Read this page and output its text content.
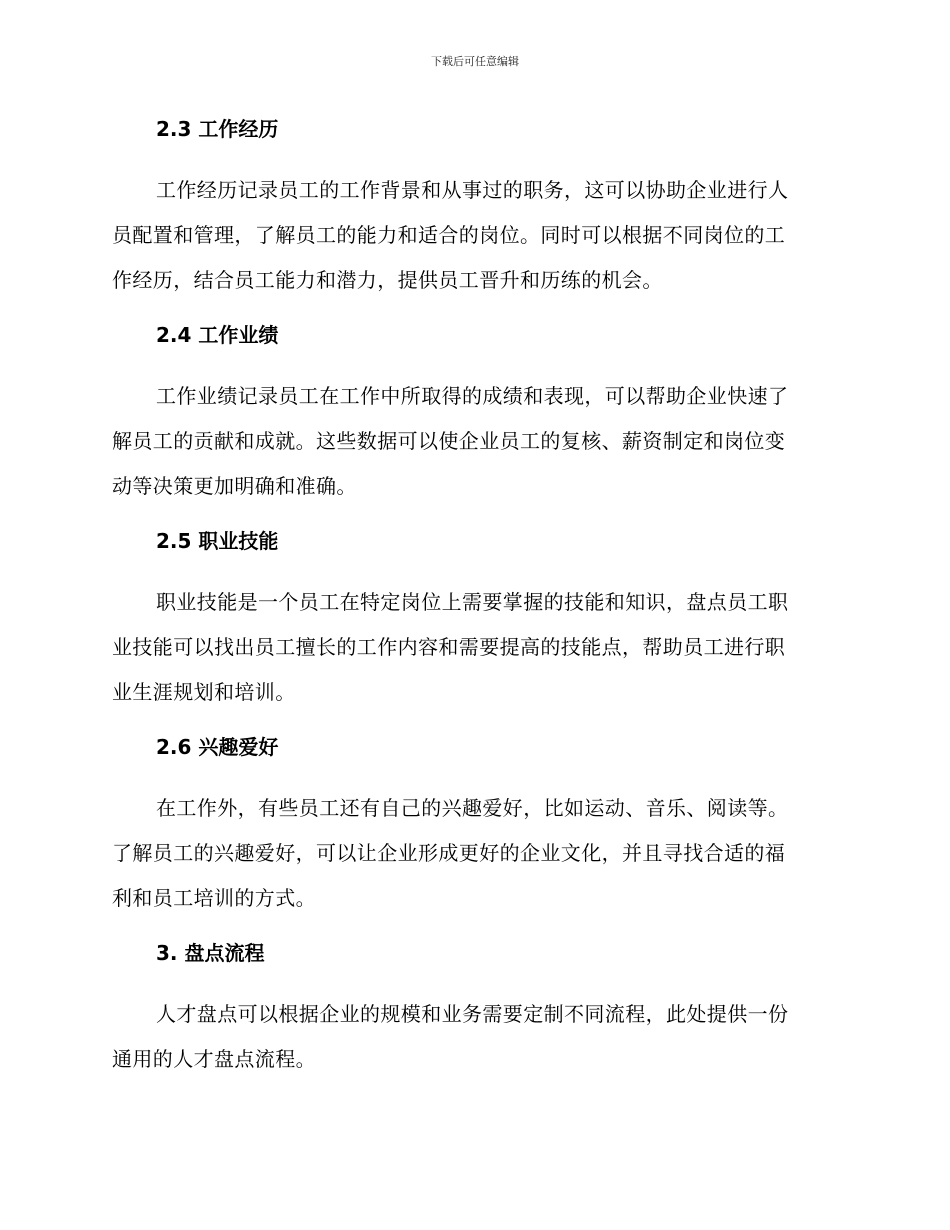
下载后可任意编辑
2.3 工作经历

工作经历记录员工的工作背景和从事过的职务，这可以协助企业进行人
员配置和管理，了解员工的能力和适合的岗位。同时可以根据不同岗位的工
作经历，结合员工能力和潜力，提供员工晋升和历练的机会。

2.4 工作业绩

工作业绩记录员工在工作中所取得的成绩和表现，可以帮助企业快速了
解员工的贡献和成就。这些数据可以使企业员工的复核、薪资制定和岗位变
动等决策更加明确和准确。

2.5 职业技能

职业技能是一个员工在特定岗位上需要掌握的技能和知识，盘点员工职
业技能可以找出员工擅长的工作内容和需要提高的技能点，帮助员工进行职
业生涯规划和培训。

2.6 兴趣爱好

在工作外，有些员工还有自己的兴趣爱好，比如运动、音乐、阅读等。
了解员工的兴趣爱好，可以让企业形成更好的企业文化，并且寻找合适的福
利和员工培训的方式。

3. 盘点流程

人才盘点可以根据企业的规模和业务需要定制不同流程，此处提供一份
通用的人才盘点流程。
